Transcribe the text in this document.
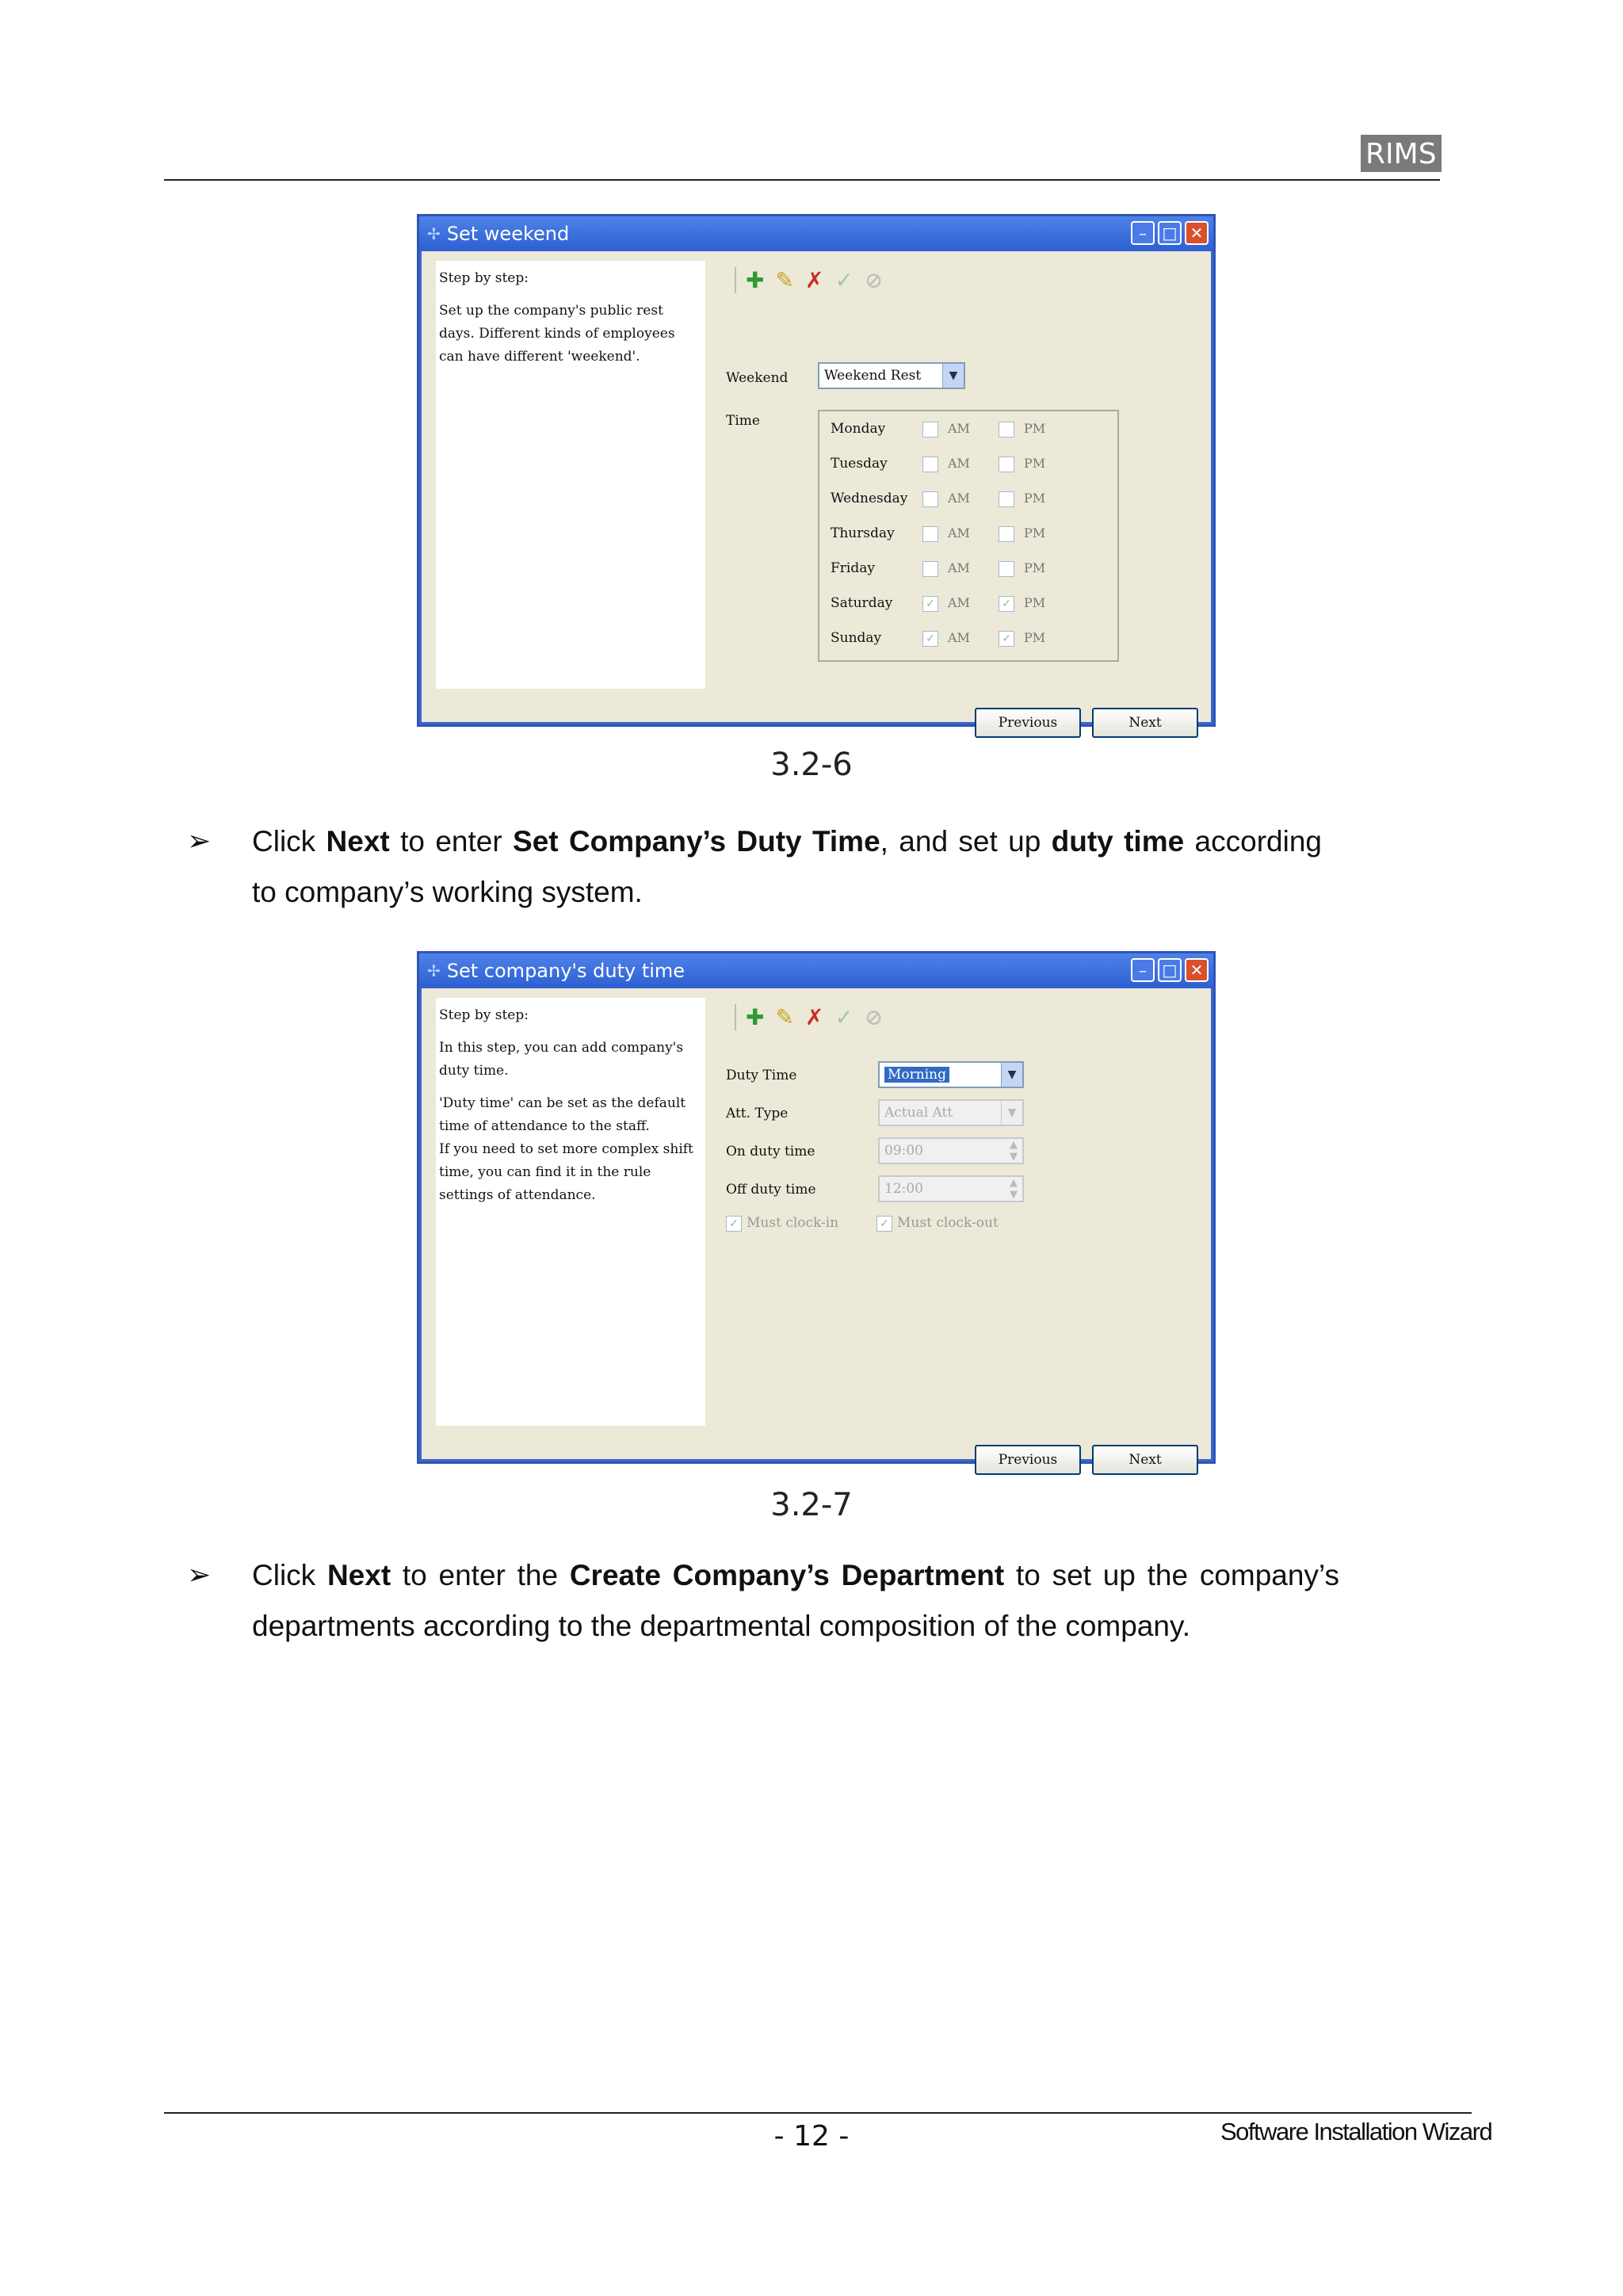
RIMS
✢ Set weekend	– □ ✕
Step by step:
Set up the company's public rest days. Different kinds of employees can have different 'weekend'.
✚ ✎ ✗ ✓ ⊘
Weekend	Weekend Rest	▼
Time	Monday	AM	PM
Tuesday	AM	PM
Wednesday	AM	PM
Thursday	AM	PM
Friday	AM	PM
Saturday	✓ AM	✓ PM
Sunday	✓ AM	✓ PM
Previous	Next
3.2-6
➢ Click Next to enter Set Company’s Duty Time, and set up duty time according to company’s working system.
✢ Set company's duty time	– □ ✕
Step by step:
In this step, you can add company's duty time.
'Duty time' can be set as the default time of attendance to the staff.
If you need to set more complex shift time, you can find it in the rule settings of attendance.
✚ ✎ ✗ ✓ ⊘
Duty Time	Morning	▼
Att. Type	Actual Att	▼
On duty time	09:00	▲
▼
Off duty time	12:00	▲
▼
✓ Must clock-in	✓ Must clock-out
Previous	Next
3.2-7
➢ Click Next to enter the Create Company’s Department to set up the company’s departments according to the departmental composition of the company.
- 12 -	Software Installation Wizard
